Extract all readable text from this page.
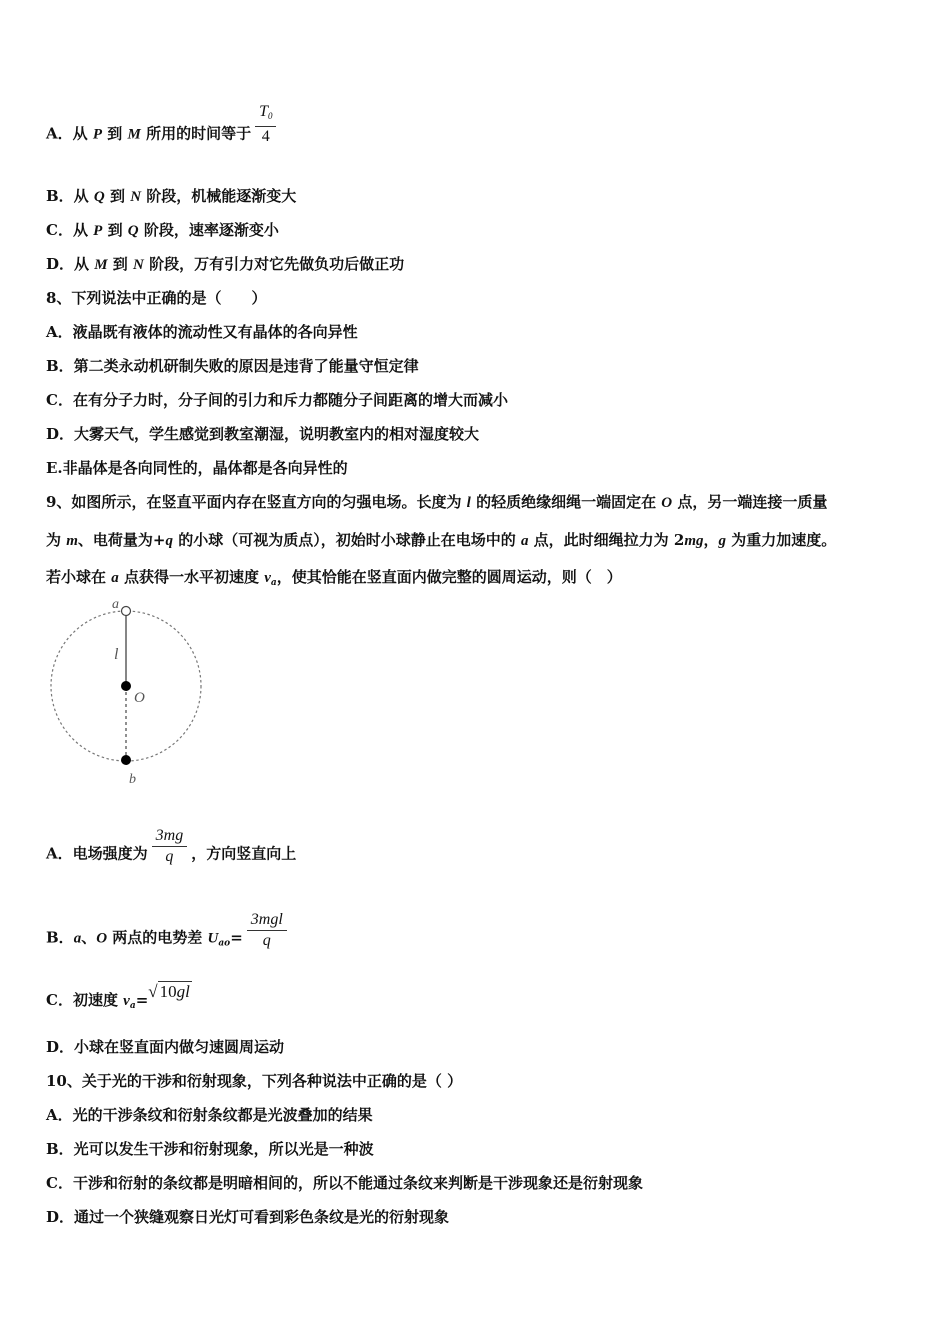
A．从 P 到 M 所用的时间等于 $\frac{T_0}{4}$
B．从 Q 到 N 阶段，机械能逐渐变大
C．从 P 到 Q 阶段，速率逐渐变小
D．从 M 到 N 阶段，万有引力对它先做负功后做正功
8、下列说法中正确的是（　　）
A．液晶既有液体的流动性又有晶体的各向异性
B．第二类永动机研制失败的原因是违背了能量守恒定律
C．在有分子力时，分子间的引力和斥力都随分子间距离的增大而减小
D．大雾天气，学生感觉到教室潮湿，说明教室内的相对湿度较大
E.非晶体是各向同性的，晶体都是各向异性的
9、如图所示，在竖直平面内存在竖直方向的匀强电场。长度为 l 的轻质绝缘细绳一端固定在 O 点，另一端连接一质量
为 m、电荷量为+q 的小球（可视为质点），初始时小球静止在电场中的 a 点，此时细绳拉力为 2mg，g 为重力加速度。
若小球在 a 点获得一水平初速度 $v_a$，使其恰能在竖直面内做完整的圆周运动，则（　）
a
l
O
b
A．电场强度为 $\frac{3mg}{q}$ ，方向竖直向上
B．a、O 两点的电势差 $U_{ao}= \frac{\text{3mgl}}{q}$
C．初速度 $v_a=√$ 10gl
D．小球在竖直面内做匀速圆周运动
10、关于光的干涉和衍射现象，下列各种说法中正确的是（ ）
A．光的干涉条纹和衍射条纹都是光波叠加的结果
B．光可以发生干涉和衍射现象，所以光是一种波
C．干涉和衍射的条纹都是明暗相间的，所以不能通过条纹来判断是干涉现象还是衍射现象
D．通过一个狭缝观察日光灯可看到彩色条纹是光的衍射现象
